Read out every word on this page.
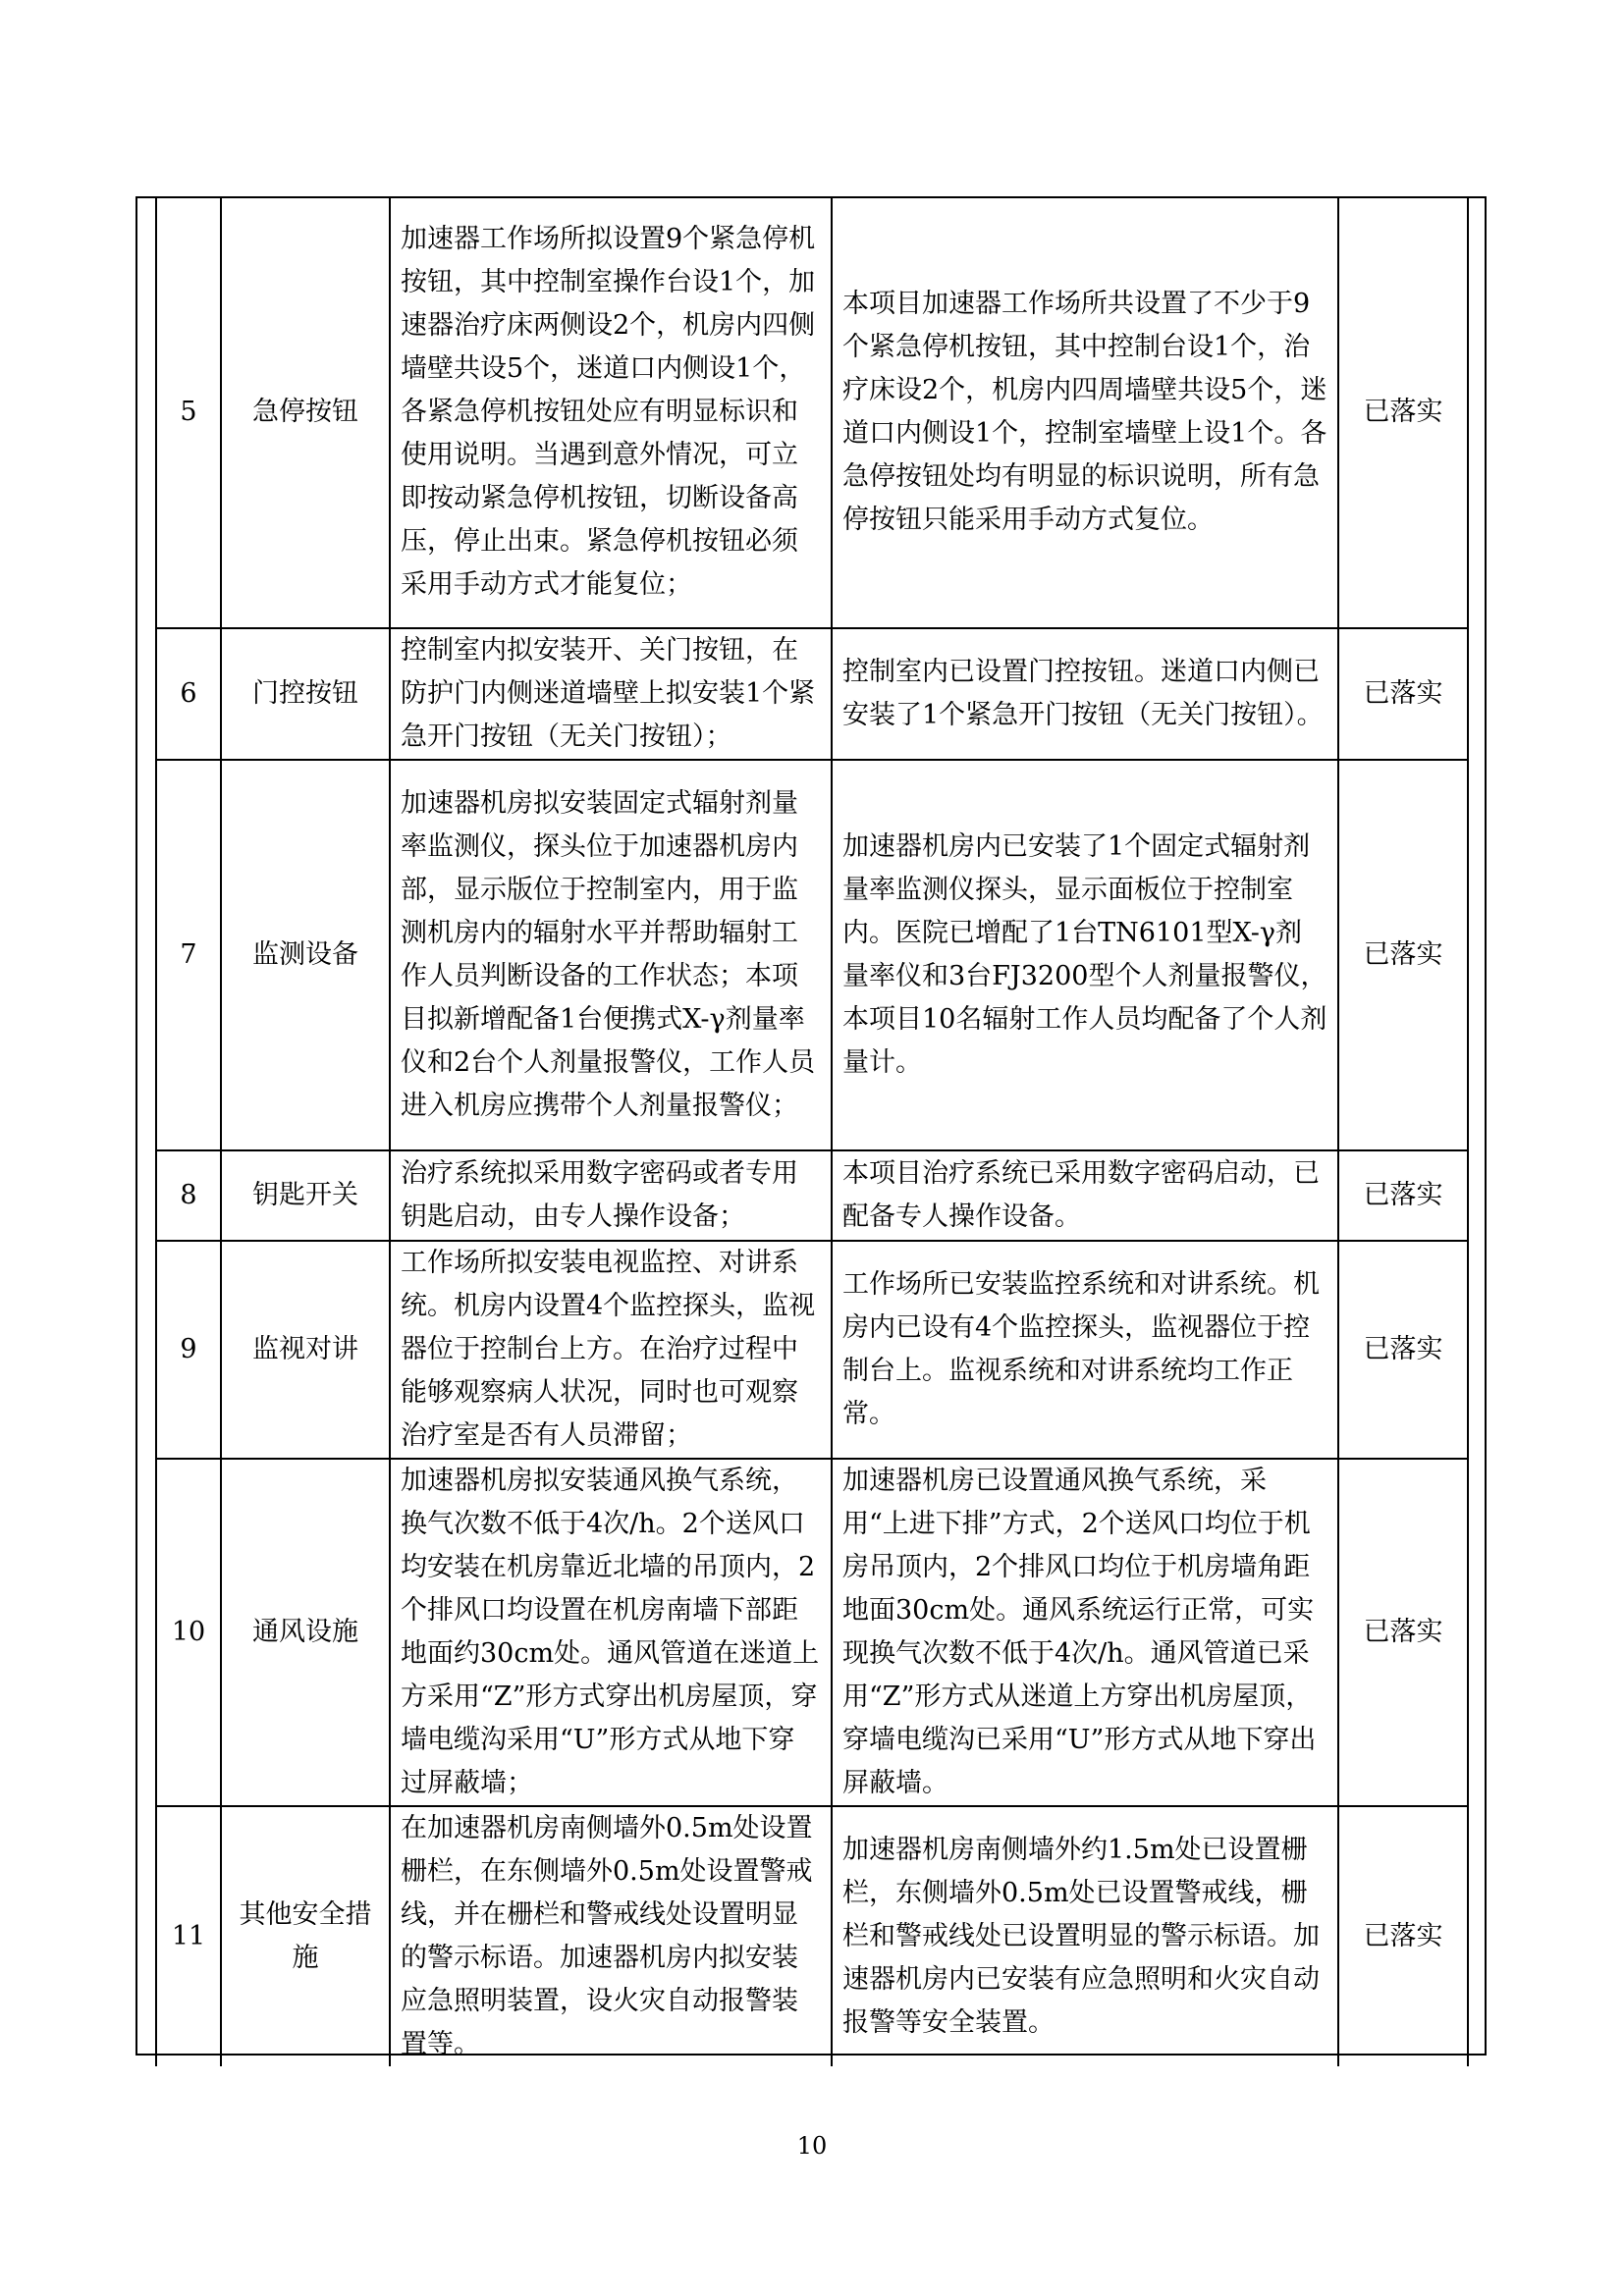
5	急停按钮	加速器工作场所拟设置9个紧急停机按钮，其中控制室操作台设1个，加速器治疗床两侧设2个，机房内四侧墙壁共设5个，迷道口内侧设1个，各紧急停机按钮处应有明显标识和使用说明。当遇到意外情况，可立即按动紧急停机按钮，切断设备高压，停止出束。紧急停机按钮必须采用手动方式才能复位；	本项目加速器工作场所共设置了不少于9个紧急停机按钮，其中控制台设1个，治疗床设2个，机房内四周墙壁共设5个，迷道口内侧设1个，控制室墙壁上设1个。各急停按钮处均有明显的标识说明，所有急停按钮只能采用手动方式复位。	已落实
6	门控按钮	控制室内拟安装开、关门按钮，在防护门内侧迷道墙壁上拟安装1个紧急开门按钮（无关门按钮）；	控制室内已设置门控按钮。迷道口内侧已安装了1个紧急开门按钮（无关门按钮）。	已落实
7	监测设备	加速器机房拟安装固定式辐射剂量率监测仪，探头位于加速器机房内部，显示版位于控制室内，用于监测机房内的辐射水平并帮助辐射工作人员判断设备的工作状态；本项目拟新增配备1台便携式X-γ剂量率仪和2台个人剂量报警仪，工作人员进入机房应携带个人剂量报警仪；	加速器机房内已安装了1个固定式辐射剂量率监测仪探头，显示面板位于控制室内。医院已增配了1台TN6101型X-γ剂量率仪和3台FJ3200型个人剂量报警仪，本项目10名辐射工作人员均配备了个人剂量计。	已落实
8	钥匙开关	治疗系统拟采用数字密码或者专用钥匙启动，由专人操作设备；	本项目治疗系统已采用数字密码启动，已配备专人操作设备。	已落实
9	监视对讲	工作场所拟安装电视监控、对讲系统。机房内设置4个监控探头，监视器位于控制台上方。在治疗过程中能够观察病人状况，同时也可观察治疗室是否有人员滞留；	工作场所已安装监控系统和对讲系统。机房内已设有4个监控探头，监视器位于控制台上。监视系统和对讲系统均工作正常。	已落实
10	通风设施	加速器机房拟安装通风换气系统，换气次数不低于4次/h。2个送风口均安装在机房靠近北墙的吊顶内，2个排风口均设置在机房南墙下部距地面约30cm处。通风管道在迷道上方采用“Z”形方式穿出机房屋顶，穿墙电缆沟采用“U”形方式从地下穿过屏蔽墙；	加速器机房已设置通风换气系统，采用“上进下排”方式，2个送风口均位于机房吊顶内，2个排风口均位于机房墙角距地面30cm处。通风系统运行正常，可实现换气次数不低于4次/h。通风管道已采用“Z”形方式从迷道上方穿出机房屋顶，穿墙电缆沟已采用“U”形方式从地下穿出屏蔽墙。	已落实
11	其他安全措施	在加速器机房南侧墙外0.5m处设置栅栏，在东侧墙外0.5m处设置警戒线，并在栅栏和警戒线处设置明显的警示标语。加速器机房内拟安装应急照明装置，设火灾自动报警装置等。	加速器机房南侧墙外约1.5m处已设置栅栏，东侧墙外0.5m处已设置警戒线，栅栏和警戒线处已设置明显的警示标语。加速器机房内已安装有应急照明和火灾自动报警等安全装置。	已落实
10
